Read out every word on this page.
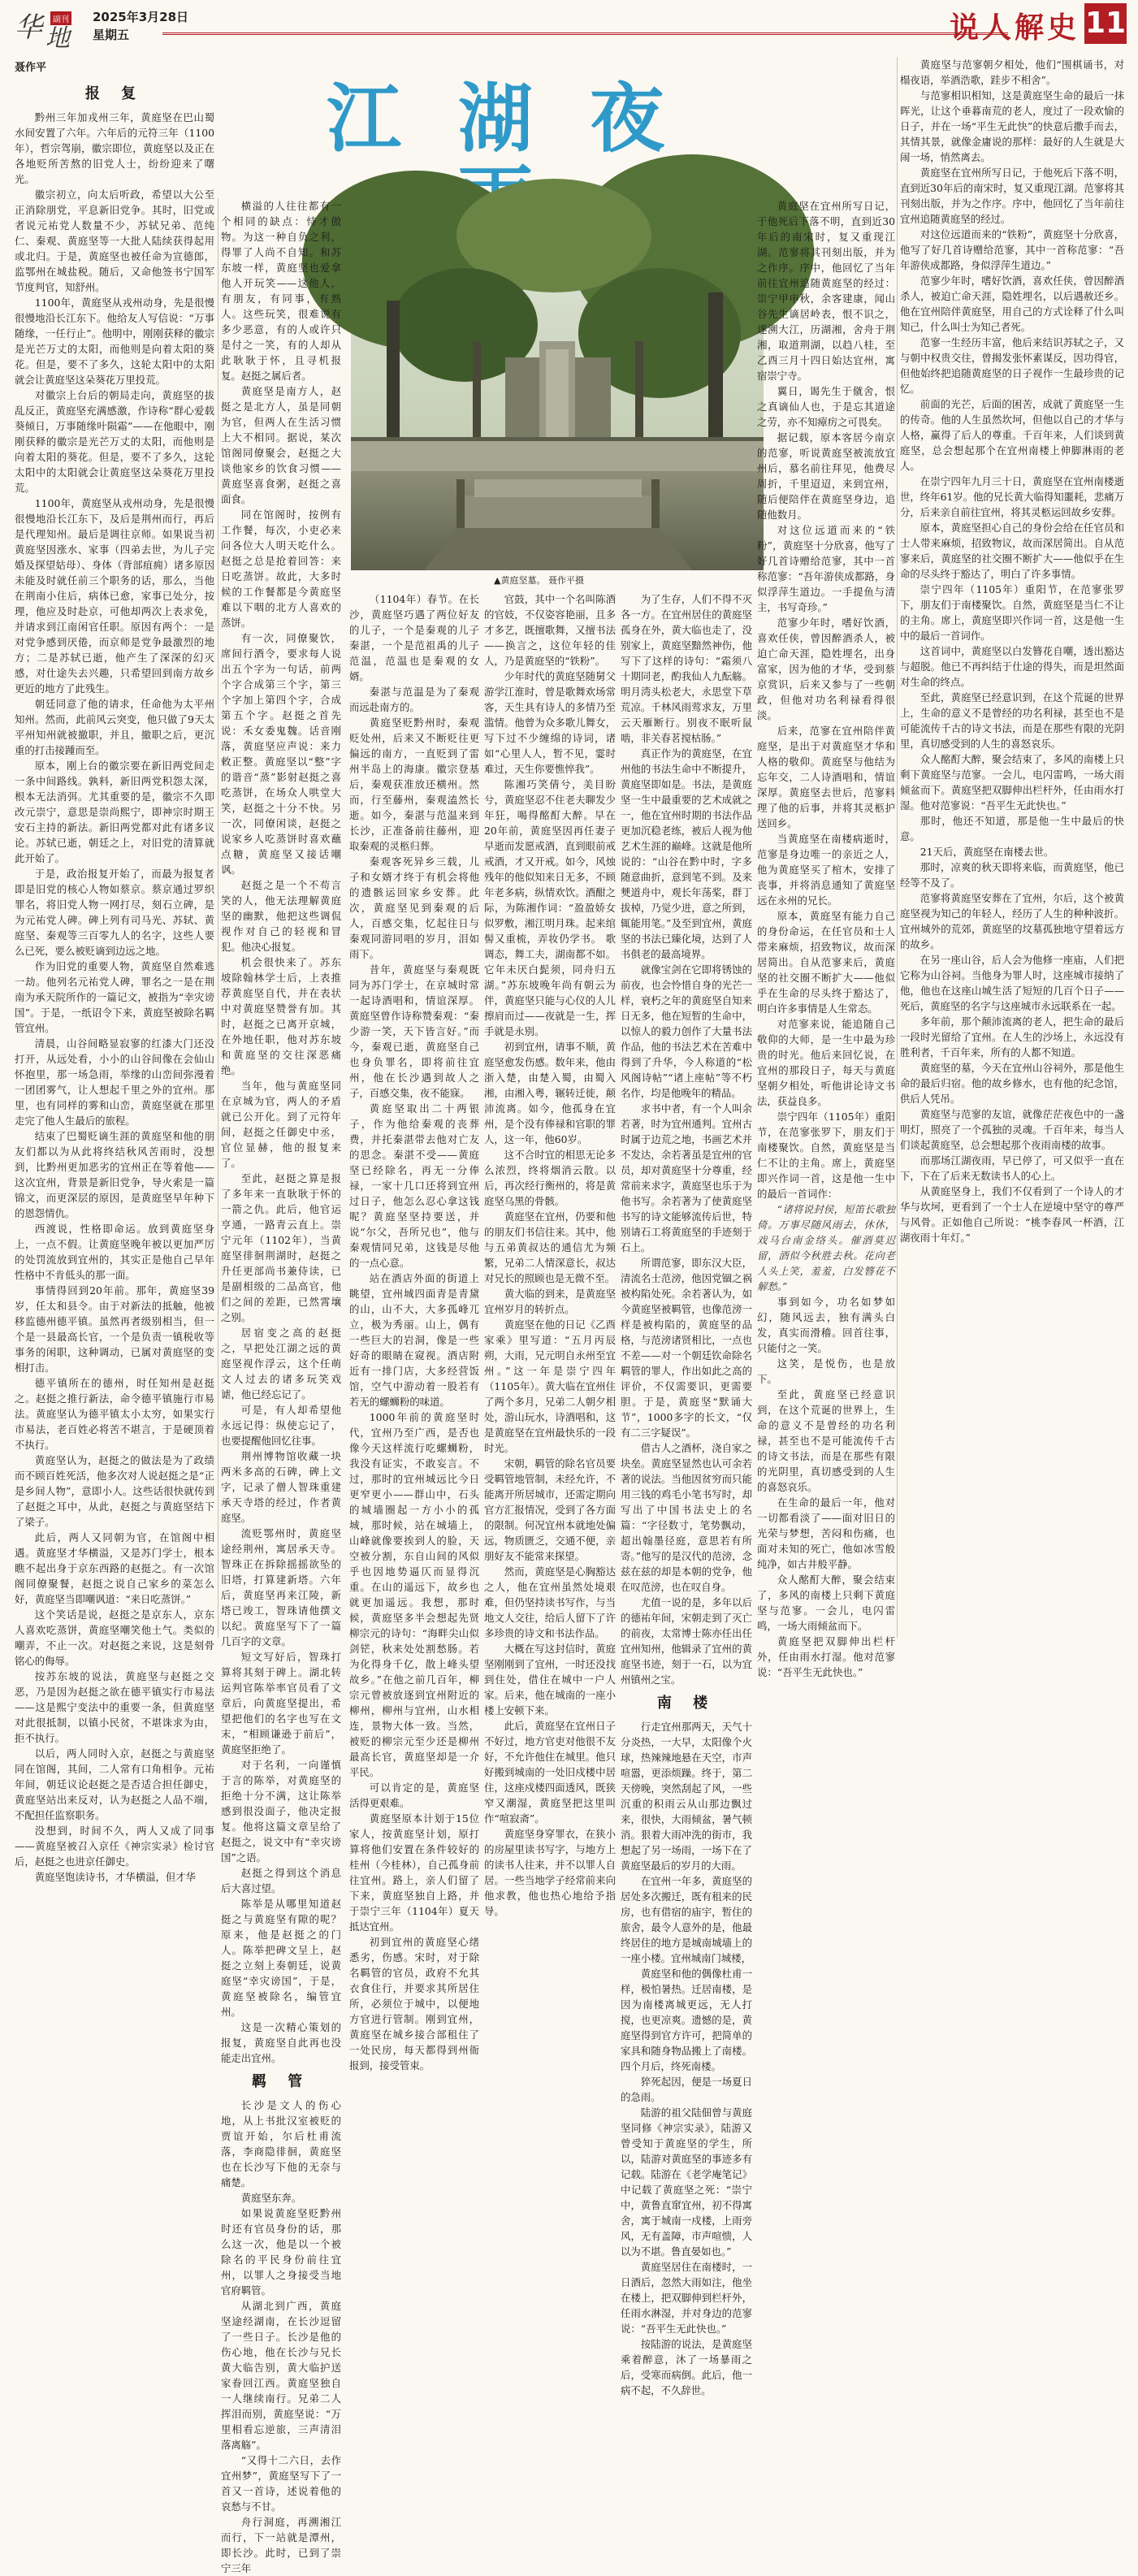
华	副刊
地
2025年3月28日
星期五	说人解史 11
聂作平
江湖夜
▲黄庭坚墓。 聂作平摄
报 复

黔州三年加戎州三年，黄庭坚在巴山蜀水间安置了六年。六年后的元符三年（1100年），哲宗驾崩，徽宗即位，黄庭坚以及正在各地贬所苦熬的旧党人士，纷纷迎来了曙光。

徽宗初立，向太后听政，希望以大公至正消除朋党，平息新旧党争。其时，旧党或者说元祐党人数量不少，苏轼兄弟、范纯仁、秦观、黄庭坚等一大批人陆续获得起用或北归。于是，黄庭坚也被任命为宣德郎，监鄂州在城盐税。随后，又命他签书宁国军节度判官，知舒州。

1100年，黄庭坚从戎州动身，先是很慢很慢地沿长江东下。他给友人写信说：“万事随缘，一任行止”。他明中，刚刚获释的徽宗是光芒万丈的太阳，而他则是向着太阳的葵花。但是，要不了多久，这轮太阳中的太阳就会让黄庭坚这朵葵花万里投荒。

对徽宗上台后的朝局走向，黄庭坚的拔乱反正，黄庭坚充满感激，作诗称“群心爱载葵倾日，万事随缘叶陨霜”——在他眼中，刚刚获释的徽宗是光芒万丈的太阳，而他则是向着太阳的葵花。但是，要不了多久，这轮太阳中的太阳就会让黄庭坚这朵葵花万里投荒。

1100年，黄庭坚从戎州动身，先是很慢很慢地沿长江东下，及后是荆州而行，再后是代理知州。最后是调往京师。如果说当初黄庭坚因涨水、家事（四弟去世，为儿子完婚及探望姑母）、身体（背部疽痈）诸多原因未能及时就任前三个职务的话，那么，当他在荆南小住后，病体已愈，家事已处分，按理，他应及时赴京，可他却两次上表求免，并请求到江南闲官任职。原因有两个：一是对党争感到厌倦，而京师是党争最激烈的地方；二是苏轼已逝，他产生了深深的幻灭感，对仕途失去兴趣，只希望回到南方故乡更近的地方了此残生。

朝廷同意了他的请求，任命他为太平州知州。然而，此前风云突变，他只做了9天太平州知州就被撤职，并且，撤职之后，更沉重的打击接踵而至。

原本，刚上台的徽宗要在新旧两党间走一条中间路线。孰料，新旧两党积怨太深，根本无法消弭。尤其重要的是，徽宗不久即改元崇宁，意思是崇尚熙宁，即神宗时期王安石主持的新法。新旧两党都对此有诸多议论。苏轼已逝，朝廷之上，对旧党的清算就此开始了。

于是，政治报复开始了，而最为报复者即是旧党的核心人物如蔡京。蔡京通过罗织罪名，将旧党人物一网打尽，刻石立碑，是为元祐党人碑。碑上列有司马光、苏轼、黄庭坚、秦观等三百零九人的名字，这些人要么已死，要么被贬谪到边远之地。

作为旧党的重要人物，黄庭坚自然难逃一劫。他列名元祐党人碑，罪名之一是在荆南为承天院所作的一篇记文，被指为“幸灾谤国”。于是，一纸诏令下来，黄庭坚被除名羁管宜州。

清晨，山谷间略显寂寥的红漆大门还没打开，从远处看，小小的山谷间像在会仙山怀抱里，那一场急雨，举缘的山峦间弥漫着一团团雾气，让人想起千里之外的宜州。那里，也有同样的雾和山峦，黄庭坚就在那里走完了他人生最后的旅程。

结束了巴蜀贬谪生涯的黄庭坚和他的朋友们都以为从此将终结秋风苦雨时，没想到，比黔州更加恶劣的宜州正在等着他——这次宜州，背景是新旧党争，导火索是一篇锦文，而更深层的原因，是黄庭坚早年种下的恩怨情仇。

西渡说，性格即命运。放到黄庭坚身上，一点不假。让黄庭坚晚年被以更加严厉的处罚流放到宜州的，其实正是他自己早年性格中不肯低头的那一面。

事情得回到20年前。那年，黄庭坚39岁，任太和县令。由于对新法的抵触，他被移监德州德平镇。虽然再者级别相当，但一个是一县最高长官，一个是负责一镇税收等事务的闲职，这种调动，已属对黄庭坚的变相打击。

德平镇所在的德州，时任知州是赵挺之。赵挺之推行新法，命令德平镇施行市易法。黄庭坚认为德平镇太小太穷，如果实行市易法，老百姓必将苦不堪言，于是硬顶着不执行。

黄庭坚认为，赵挺之的做法是为了政绩而不顾百姓死活，他多次对人说赵挺之是“正是乡间人物”，意即小人。这些话很快就传到了赵挺之耳中，从此，赵挺之与黄庭坚结下了梁子。

此后，两人又同朝为官，在馆阁中相遇。黄庭坚才华横溢，又是苏门学士，根本瞧不起出身于京东西路的赵挺之。有一次馆阁同僚聚餐，赵挺之说自己家乡的菜怎么好，黄庭坚当即嘲讽道：“来日吃蒸饼。”

这个笑话是说，赵挺之是京东人，京东人喜欢吃蒸饼，黄庭坚嘲笑他土气。类似的嘲弄，不止一次。对赵挺之来说，这是刻骨铭心的侮辱。

按苏东坡的说法，黄庭坚与赵挺之交恶，乃是因为赵挺之欲在德平镇实行市易法——这是熙宁变法中的重要一条，但黄庭坚对此很抵制，以镇小民贫，不堪诛求为由，拒不执行。

以后，两人同时入京，赵挺之与黄庭坚同在馆阁，其间，二人常有口角相争。元祐年间，朝廷议论赵挺之是否适合担任御史，黄庭坚站出来反对，认为赵挺之人品不端，不配担任监察职务。

没想到，时间不久，两人又成了同事——黄庭坚被召入京任《神宗实录》检讨官后，赵挺之也进京任御史。

黄庭坚饱读诗书，才华横溢，但才华

横溢的人往往都有一个相同的缺点：恃才傲物。为这一种自负之利，得罪了人尚不自知。和苏东坡一样，黄庭坚也爱拿他人开玩笑——这他人，有朋友，有同事，有熟人。这些玩笑，很难说有多少恶意，有的人或许只是付之一笑，有的人却从此耿耿于怀，且寻机报复。赵挺之属后者。

黄庭坚是南方人，赵挺之是北方人，虽是同朝为官，但两人在生活习惯上大不相同。据说，某次馆阁同僚聚会，赵挺之大谈他家乡的饮食习惯——黄庭坚喜食粥，赵挺之喜面食。

同在馆阁时，按例有工作餐，每次，小吏必来问各位大人明天吃什么。赵挺之总是抢着回答：来日吃蒸饼。故此，大多时候的工作餐都是今黄庭坚难以下咽的北方人喜欢的蒸饼。

有一次，同僚聚饮，席间行酒令，要求每人说出五个字为一句话，前两个字合成第三个字，第三个字加上第四个字，合成第五个字。赵挺之首先说：禾女委鬼魏。话音刚落，黄庭坚应声说：来力敕正整。黄庭坚以“整”字的谐音“蒸”影射赵挺之喜吃蒸饼，在场众人哄堂大笑，赵挺之十分不快。另一次，同僚闲谈，赵挺之说家乡人吃蒸饼时喜欢蘸点糖，黄庭坚又接话嘲讽。

赵挺之是一个不苟言笑的人，他无法理解黄庭坚的幽默，他把这些调侃视作对自己的轻视和冒犯。他决心报复。

机会很快来了。苏东坡除翰林学士后，上表推荐黄庭坚自代，并在表状中对黄庭坚赞誉有加。其时，赵挺之已离开京城，在外地任职，他对苏东坡和黄庭坚的交往深恶痛绝。

当年，他与黄庭坚同在京城为官，两人的矛盾就已公开化。到了元符年间，赵挺之任御史中丞，官位显赫，他的报复来了。

至此，赵挺之算是报了多年来一直耿耿于怀的一箭之仇。此后，他官运亨通，一路青云直上。崇宁元年（1102年），当黄庭坚徘徊荆湖时，赵挺之升任更部尚书兼侍读，已是副相级的二品高官，他们之间的差距，已然霄壤之别。

居宿变之高的赵挺之，早把处江湖之远的黄庭坚视作浮云，这个任萌文人过去的诸多玩笑戏谑，他已经忘记了。

可是，有人却希望他永远记得：纵使忘记了，也要提醒他回忆往事。

荆州博物馆收藏一块两米多高的石碑，碑上文字，记录了僧人智珠重建承天寺塔的经过，作者黄庭坚。

流贬鄂州时，黄庭坚途经荆州，寓居承天寺。智珠正在拆除摇摇欲坠的旧塔，打算建新塔。六年后，黄庭坚再来江陵，新塔已竣工，智珠请他撰文以纪。黄庭坚写下了一篇几百字的文章。

短文写好后，智珠打算将其刻于碑上。湖北转运判官陈举率官员看了文章后，向黄庭坚提出，希望把他们的名字也写在文末，“相顾谦逊于前后”，黄庭坚拒绝了。

对于名利，一向谨慎于言的陈举，对黄庭坚的拒绝十分不满，这让陈举感到很没面子，他决定报复。他将这篇文章呈给了赵挺之，说文中有“幸灾谤国”之语。

赵挺之得到这个消息后大喜过望。

陈举是从哪里知道赵挺之与黄庭坚有隙的呢？原来，他是赵挺之的门人。陈举把碑文呈上，赵挺之立刻上奏朝廷，说黄庭坚“幸灾谤国”，于是，黄庭坚被除名，编管宜州。

这是一次精心策划的报复，黄庭坚自此再也没能走出宜州。

羁 管

长沙是文人的伤心地，从上书批汉室被贬的贾谊开始，尔后杜甫流落，李商隐徘徊，黄庭坚也在长沙写下他的无奈与痛楚。

黄庭坚东奔。

如果说黄庭坚贬黔州时还有官员身份的话，那么这一次，他是以一个被除名的平民身份前往宜州，以罪人之身接受当地官府羁管。

从湖北到广西，黄庭坚途经湖南，在长沙逗留了一些日子。长沙是他的伤心地，他在长沙与兄长黄大临告别，黄大临护送家眷回江西。黄庭坚独自一人继续南行。兄弟二人挥泪而别，黄庭坚说：“万里相看忘逆旅，三声清泪落离觞”。

“又得十二六日，去作宜州梦”，黄庭坚写下了一首又一首诗，述说着他的哀愁与不甘。

舟行洞庭，再溯湘江而行，下一站就是潭州，即长沙。此时，已到了崇宁三年

（1104年）春节。在长沙，黄庭坚巧遇了两位好友的儿子，一个是秦观的儿子秦湛，一个是范祖禹的儿子范温，范温也是秦观的女婿。

秦湛与范温是为了秦观而远赴南方的。

黄庭坚贬黔州时，秦观贬处州，后来又不断贬往更偏远的南方，一直贬到了雷州半岛上的海康。徽宗登基后，秦观获准放还横州。然而，行至藤州，秦观溘然长逝。如今，秦湛与范温来到长沙，正准备前往藤州，迎取秦观的灵柩归葬。

秦观客死异乡三载，儿子和女婿才终于有机会将他的遗骸运回家乡安葬。此次，黄庭坚见到秦观的后人，百感交集，忆起往日与秦观同游同唱的岁月，泪如雨下。

昔年，黄庭坚与秦观既同为苏门学士，在京城时常一起诗酒唱和，情谊深厚。黄庭坚曾作诗称赞秦观：“秦少游一笑，天下皆言好。”而今，秦观已逝，黄庭坚自己也身负罪名，即将前往宜州，他在长沙遇到故人之子，百感交集，夜不能寐。

黄庭坚取出二十两银子，作为他给秦观的丧葬费，并托秦湛带去他对亡友的思念。秦湛不受——黄庭坚已经除名，再无一分俸禄，一家十几口还将到宜州过日子，他怎么忍心拿这钱呢？黄庭坚坚持要送，并说“尔父，吾所兄也”，他与秦观情同兄弟，这钱是尽他的一点心意。

站在酒店外面的街道上眺望，宜州城四面青是青黛的山，山不大，大多孤峰兀立，极为秀丽。山上，偶有一些巨大的岩洞，像是一些好奇的眼睛在窥视。酒店附近有一排门店，大多经营饭馆，空气中游动着一股若有若无的螺蛳粉的味道。

1000年前的黄庭坚时代，宜州乃至广西，是否也像今天这样流行吃螺蛳粉，我没有证实，不敢妄言。不过，那时的宜州城远比今日更窄更小——群山中，石头的城墙圈起一方小小的孤城，那时候，站在城墙上，山峰就像要挨到人的脸，天空被分割，东自山间的风似乎也因地势逼仄而显得沉重。在山的遥远下，故乡也就更加遥远。我想，那时候，黄庭坚多半会想起先贤柳宗元的诗句：“海畔尖山似剑铓，秋来处处割愁肠。若为化得身千亿，散上峰头望故乡。”在他之前几百年，柳宗元曾被放逐到宜州附近的柳州，柳州与宜州，山水相连，景物大体一致。当然，被贬的柳宗元至少还是柳州最高长官，黄庭坚却是一介平民。

可以肯定的是，黄庭坚活得更艰难。

黄庭坚原本计划于15位家人，按黄庭坚计划，原打算将他们安置在条件较好的桂州（今桂林），自己孤身前往宜州。路上，亲人们留了下来，黄庭坚独自上路，并于崇宁三年（1104年）夏天抵达宜州。

初到宜州的黄庭坚心绪悉劣，伤感。宋时，对于除名羁管的官员，政府不允其衣食住行，并要求其所居住所，必须位于城中，以便地方官进行管制。刚到宜州，黄庭坚在城乡接合部租住了一处民房，每天都得到州衙报到，接受管束。

官鼓，其中一个名叫陈酒的官妓，不仅姿容艳丽，且多才多艺，既擅歌舞，又擅书法——换言之，这位年轻的佳人，乃是黄庭坚的“铁粉”。

少年时代的黄庭坚随舅父游学江淮时，曾是歌舞欢场常客，天生具有诗人的多情乃至滥情。他曾为众多歌儿舞女，写下过不少缠绵的诗词，诸如“心里人人，暂不见，霎时难过，天生你要憔悴我”。

陈湘巧笑倩兮，美目盼兮，黄庭坚忍不住老夫聊发少年狂，喝得酩酊大醉。早在20年前，黄庭坚因再任妻子早逝而发愿戒酒，直到眼前戒戒酒，才又开戒。如今，风烛残年的他似知来日无多，不顾年老多病，纵情欢饮。酒酣之际，为陈湘作词：“盈盈娇女似罗敷，湘江明月珠。起来绾髻又重梳，弄妆仍学书。 歌调态，舞工夫，湖南都不如。它年未厌白髭须，同舟归五湖。”苏东坡晚年尚有朝云为伴，黄庭坚只能与心仪的人儿擦肩而过——夜就是一生，挥手就是永别。

初到宜州，请事不顺，黄庭坚愈发伤感。数年来，他由浙入楚，由楚入蜀，由蜀入湘，由湘入粤，辗转迁徙，颠沛流离。如今，他孤身在宜州，是个没有俸禄和官职的罪人，这一年，他60岁。

这不合时宜的相思无论多么浓烈，终将烟消云散。以后，再次经行衡州的，将是黄庭坚乌黑的骨骸。

黄庭坚在宜州，仍要和他的朋友们书信往来。其中，他与五弟黄叔达的通信尤为频繁，兄弟二人情深意长，叔达对兄长的照顾也是无微不至。

黄大临的到来，是黄庭坚宜州岁月的转折点。

黄庭坚在他的日记《乙酉家乘》里写道：“五月丙辰朔，大雨，兄元明自永州至宜州。”这一年是崇宁四年（1105年）。黄大临在宜州住了两个多月，兄弟二人朝夕相处，游山玩水，诗酒唱和，这是黄庭坚在宜州最快乐的一段时光。

宋朝，羁管的除名官员要受羁管地管制，未经允许，不能离开所居城市，还需定期向官方汇报情况，受到了各方面的限制。何况宜州本就地处偏远，物质匮乏，交通不便，亲朋好友不能常来探望。

然而，黄庭坚是心胸豁达之人，他在宜州虽然处境艰难，但仍坚持读书写作，与当地文人交往，给后人留下了许多珍贵的诗文和书法作品。

大概在写这封信时，黄庭坚刚刚到了宜州，一时还没找到住处，借住在城中一户人家。后来，他在城南的一座小楼上安顿下来。

此后，黄庭坚在宜州日子不好过，地方官吏对他很不友好，不允许他住在城里。他只好搬到城南的一处旧戍楼中居住，这座戍楼四面透风，既狭窄又潮湿，黄庭坚把这里叫作“喧寂斋”。

黄庭坚身穿罪衣，在狭小的房屋里读书写字，与地方上的读书人往来，并不以罪人自居。一些当地学子经常前来向他求教，他也热心地给予指导。

为了生存，人们不得不灭各一方。在宜州居住的黄庭坚孤身在外，黄大临也走了，没别家上，黄庭坚黯然神伤，他写下了这样的诗句：“霜须八十期同老，酌我仙人九酝觞。明月湾头松老大，永思堂下草荒凉。千林风雨莺求友，万里云天雁断行。别夜不眠听鼠啮，非关春茗搅枯肠。”

真正作为的黄庭坚，在宜州他的书法生命中不断提升，黄庭坚即如是。书法，是黄庭坚一生中最重要的艺术成就之一，他在宜州时期的书法作品更加沉稳老练，被后人视为他艺术生涯的巅峰。这就是他所说的：“山谷在黔中时，字多随意曲折，意到笔不到。及来僰道舟中，观长年荡桨，群丁拔棹，乃觉少进，意之所到，辄能用笔。”及至到宜州，黄庭坚的书法已臻化境，达到了人书俱老的最高境界。

就像宝剑在它即将锈蚀的前夜，也会怜惜自身的光芒一样，衰朽之年的黄庭坚自知来日无多，他在短暂的生命中，以惊人的毅力创作了大量书法作品，他的书法艺术在苦难中得到了升华，今人称道的“松风阁诗帖”“诸上座帖”等不朽名作，均是他晚年的精品。

求书中者，有一个人叫余若著，时为宜州通判。宜州古时属于边荒之地，书画艺术并不发达，余若著虽是宜州的官员，却对黄庭坚十分尊重，经常前来求字，黄庭坚也乐于为他书写。余若著为了使黄庭坚书写的诗文能够流传后世，特别请石工将黄庭坚的手迹刻于石上。

所谓范寥，即东汉大臣，清流名士范滂，他因党锢之祸被构陷处死。余若著认为，如今黄庭坚被羁管，也像范滂一样是被构陷的，黄庭坚的品格，与范滂诸贤相比，一点也不差——对一个朝廷钦命除名羁管的罪人，作出如此之高的评价，不仅需要识，更需要胆。于是，黄庭坚“默诵大节”，1000多字的长文，“仅有二三字疑误”。

借古人之酒杯，浇自家之块垒。黄庭坚显然也认可余若著的说法。当他因贫穷而只能用三钱的鸡毛小笔书写时，却写出了中国书法史上的名篇：“字径数寸，笔势飘动，超出翰墨径庭，意思若有所寄。”他写的是汉代的范滂，念兹在兹的却是本朝的党争，他在叹范滂，也在叹自身。

尤值一说的是，多年以后的德祐年间，宋朝走到了灭亡的前夜，太常博士陈亦任出任宜州知州，他辑录了宜州的黄庭坚书迹，刻于一石，以为宜州镇州之宝。

南 楼

行走宜州那两天，天气十分炎热，一大早，太阳像个火球，热辣辣地悬在天空，市声喧嚣，更添烦躁。终于，第二天傍晚，突然刮起了风，一些沉重的积雨云从山那边飘过来，很快，大雨倾盆，暑气顿消。狠着大雨冲洗的街市，我想起了另一场雨，一场下在了黄庭坚最后的岁月的大雨。

在宜州一年多，黄庭坚的居处多次搬迁，既有租来的民房，也有借宿的庙宇，暂住的旅舍，最令人意外的是，他最终居住的地方是城南城墙上的一座小楼。宜州城南门城楼，

黄庭坚和他的偶像杜甫一样，极怕暑热。迁居南楼，是因为南楼离城更远，无人打搅，也更凉爽。遗憾的是，黄庭坚得到官方许可，把简单的家具和随身物品搬上了南楼。四个月后，终死南楼。

猝死起因，便是一场夏日的急雨。

陆游的祖父陆佃曾与黄庭坚同修《神宗实录》，陆游又曾受知于黄庭坚的学生，所以，陆游对黄庭坚的事迹多有记载。陆游在《老学庵笔记》中记载了黄庭坚之死：“崇宁中，黄鲁直窜宜州，初不得寓舍，寓于城南一戍楼，上雨旁风，无有盖障，市声喧愦，人以为不堪。鲁直晏如也。”

黄庭坚居住在南楼时，一日酒后，忽然大雨如注，他坐在楼上，把双脚伸到栏杆外，任雨水淋湿，并对身边的范寥说：“吾平生无此快也。”

按陆游的说法，是黄庭坚乘着醉意，沐了一场暴雨之后，受寒而病倒。此后，他一病不起，不久辞世。

黄庭坚在宜州所写日记，于他死后下落不明，直到近30年后的南宋时，复又重现江湖。范寥将其刊刻出版，并为之作序。序中，他回忆了当年前往宜州追随黄庭坚的经过：崇宁甲申秋，余客建康，闻山谷先生谪居岭表，恨不识之，遂溯大江，历湖湘，舍舟于荆湘，取道荆湖，以趋八桂，至乙酉三月十四日始达宜州，寓宿崇宁寺。

翼日，谒先生于僦舍，恨之真谪仙人也，于是忘其道途之劳，亦不知瘴疠之可畏矣。

据记载，原本客居今南京的范寥，听说黄庭坚被流放宜州后，慕名前往拜见，他费尽周折，千里迢迢，来到宜州，随后便陪伴在黄庭坚身边，追随他数月。

对这位远道而来的“铁粉”，黄庭坚十分欣喜，他写了好几首诗赠给范寥，其中一首称范寥：“吾年游侠成都路，身似浮萍生道边。一手提鱼与清主，书写奇珍。”

范寥少年时，嗜好饮酒，喜欢任侠，曾因醉酒杀人，被迫亡命天涯，隐姓埋名，出身富家，因为他的才华，受到蔡京赏识，后来又参与了一些朝政，但他对功名利禄看得很淡。

后来，范寥在宜州陪伴黄庭坚，是出于对黄庭坚才华和人格的敬仰。黄庭坚与他结为忘年交，二人诗酒唱和，情谊深厚。黄庭坚去世后，范寥料理了他的后事，并将其灵柩护送回乡。

当黄庭坚在南楼病逝时，范寥是身边唯一的亲近之人，他为黄庭坚买了棺木，安排了丧事，并将消息通知了黄庭坚远在永州的兄长。

原本，黄庭坚有能力自己的身份命运，在任官员和士人带来麻烦，招致物议，故而深居简出。自从范寥来后，黄庭坚的社交圈不断扩大——他似乎在生命的尽头终于豁达了，明白许多事情是人生常态。

对范寥来说，能追随自己敬仰的大师，是一生中最为珍贵的时光。他后来回忆说，在宜州的那段日子，每天与黄庭坚朝夕相处，听他讲论诗文书法，获益良多。

崇宁四年（1105年）重阳节，在范寥张罗下，朋友们于南楼聚饮。自然，黄庭坚是当仁不让的主角。席上，黄庭坚即兴作词一首，这是他一生中的最后一首词作：

“诸将说封侯，短笛长歌独倚。万事尽随风雨去，休休，戏马台南金络头。催酒莫迟留，酒似今秋胜去秋。花向老人头上笑，羞羞，白发簪花不解愁。”

事到如今，功名如梦如幻，随风远去，独有满头白发，真实而滑稽。回首往事，只能付之一笑。

这笑，是悦伤，也是放下。

至此，黄庭坚已经意识到，在这个荒诞的世界上，生命的意义不是曾经的功名利禄，甚至也不是可能流传千古的诗文书法，而是在那些有限的光阴里，真切感受到的人生的喜怒哀乐。

在生命的最后一年，他对一切都看淡了——面对旧日的光荣与梦想，苦闷和伤痛，也面对未知的死亡，他如冰雪般纯净，如古井般平静。

众人酩酊大醉，聚会结束了，多风的南楼上只剩下黄庭坚与范寥。一会儿，电闪雷鸣，一场大雨倾盆而下。

黄庭坚把双脚伸出栏杆外，任由雨水打湿。他对范寥说：“吾平生无此快也。”

黄庭坚与范寥朝夕相处，他们“围棋诵书，对榻夜语，举酒浩歌，跬步不相舍”。

与范寥相识相知，这是黄庭坚生命的最后一抹晖光，让这个垂暮南荒的老人，度过了一段欢愉的日子，并在一场“平生无此快”的快意后撒手而去，其情其景，就像金庸说的那样：最好的人生就是大闹一场，悄然离去。

黄庭坚在宜州所写日记，于他死后下落不明，直到近30年后的南宋时，复又重现江湖。范寥将其刊刻出版，并为之作序。序中，他回忆了当年前往宜州追随黄庭坚的经过。

对这位远道而来的“铁粉”，黄庭坚十分欣喜，他写了好几首诗赠给范寥，其中一首称范寥：“吾年游侠成都路，身似浮萍生道边。”

范寥少年时，嗜好饮酒，喜欢任侠，曾因醉酒杀人，被迫亡命天涯，隐姓埋名，以后遇赦还乡。他在宜州陪伴黄庭坚，用自己的方式诠释了什么叫知己，什么叫士为知己者死。

范寥一生经历丰富，他后来结识苏轼之子，又与朝中权贵交往，曾揭发张怀素谋反，因功得官，但他始终把追随黄庭坚的日子视作一生最珍贵的记忆。

前面的光芒，后面的困苦，成就了黄庭坚一生的传奇。他的人生虽然坎坷，但他以自己的才华与人格，赢得了后人的尊重。千百年来，人们谈到黄庭坚，总会想起那个在宜州南楼上伸脚淋雨的老人。

在崇宁四年九月三十日，黄庭坚在宜州南楼逝世，终年61岁。他的兄长黄大临得知噩耗，悲痛万分，后来亲自前往宜州，将其灵柩运回故乡安葬。

原本，黄庭坚担心自己的身份会给在任官员和士人带来麻烦，招致物议，故而深居简出。自从范寥来后，黄庭坚的社交圈不断扩大——他似乎在生命的尽头终于豁达了，明白了许多事情。

崇宁四年（1105年）重阳节，在范寥张罗下，朋友们于南楼聚饮。自然，黄庭坚是当仁不让的主角。席上，黄庭坚即兴作词一首，这是他一生中的最后一首词作。

这首词中，黄庭坚以白发簪花自嘲，透出豁达与超脱。他已不再纠结于仕途的得失，而是坦然面对生命的终点。

至此，黄庭坚已经意识到，在这个荒诞的世界上，生命的意义不是曾经的功名利禄，甚至也不是可能流传千古的诗文书法，而是在那些有限的光阴里，真切感受到的人生的喜怒哀乐。

众人酩酊大醉，聚会结束了，多风的南楼上只剩下黄庭坚与范寥。一会儿，电闪雷鸣，一场大雨倾盆而下。黄庭坚把双脚伸出栏杆外，任由雨水打湿。他对范寥说：“吾平生无此快也。”

那时，他还不知道，那是他一生中最后的快意。

21天后，黄庭坚在南楼去世。

那时，凉爽的秋天即将来临，而黄庭坚，他已经等不及了。

范寥将黄庭坚安葬在了宜州，尔后，这个被黄庭坚视为知己的年轻人，经历了人生的种种波折。宜州城外的荒郊，黄庭坚的坟墓孤独地守望着远方的故乡。

在另一座山谷，后人会为他修一座庙，人们把它称为山谷祠。当他身为罪人时，这座城市接纳了他，他也在这座山城生活了短短的几百个日子——死后，黄庭坚的名字与这座城市永远联系在一起。

多年前，那个颠沛流离的老人，把生命的最后一段时光留给了宜州。在人生的沙场上，永远没有胜利者，千百年来，所有的人都不知道。

黄庭坚的墓，今天在宜州山谷祠外，那是他生命的最后归宿。他的故乡修水，也有他的纪念馆，供后人凭吊。

黄庭坚与范寥的友谊，就像茫茫夜色中的一盏明灯，照亮了一个孤独的灵魂。千百年来，每当人们谈起黄庭坚，总会想起那个夜雨南楼的故事。

而那场江湖夜雨，早已停了，可又似乎一直在下，下在了后来无数读书人的心上。

从黄庭坚身上，我们不仅看到了一个诗人的才华与坎坷，更看到了一个士人在逆境中坚守的尊严与风骨。正如他自己所说：“桃李春风一杯酒，江湖夜雨十年灯。”
